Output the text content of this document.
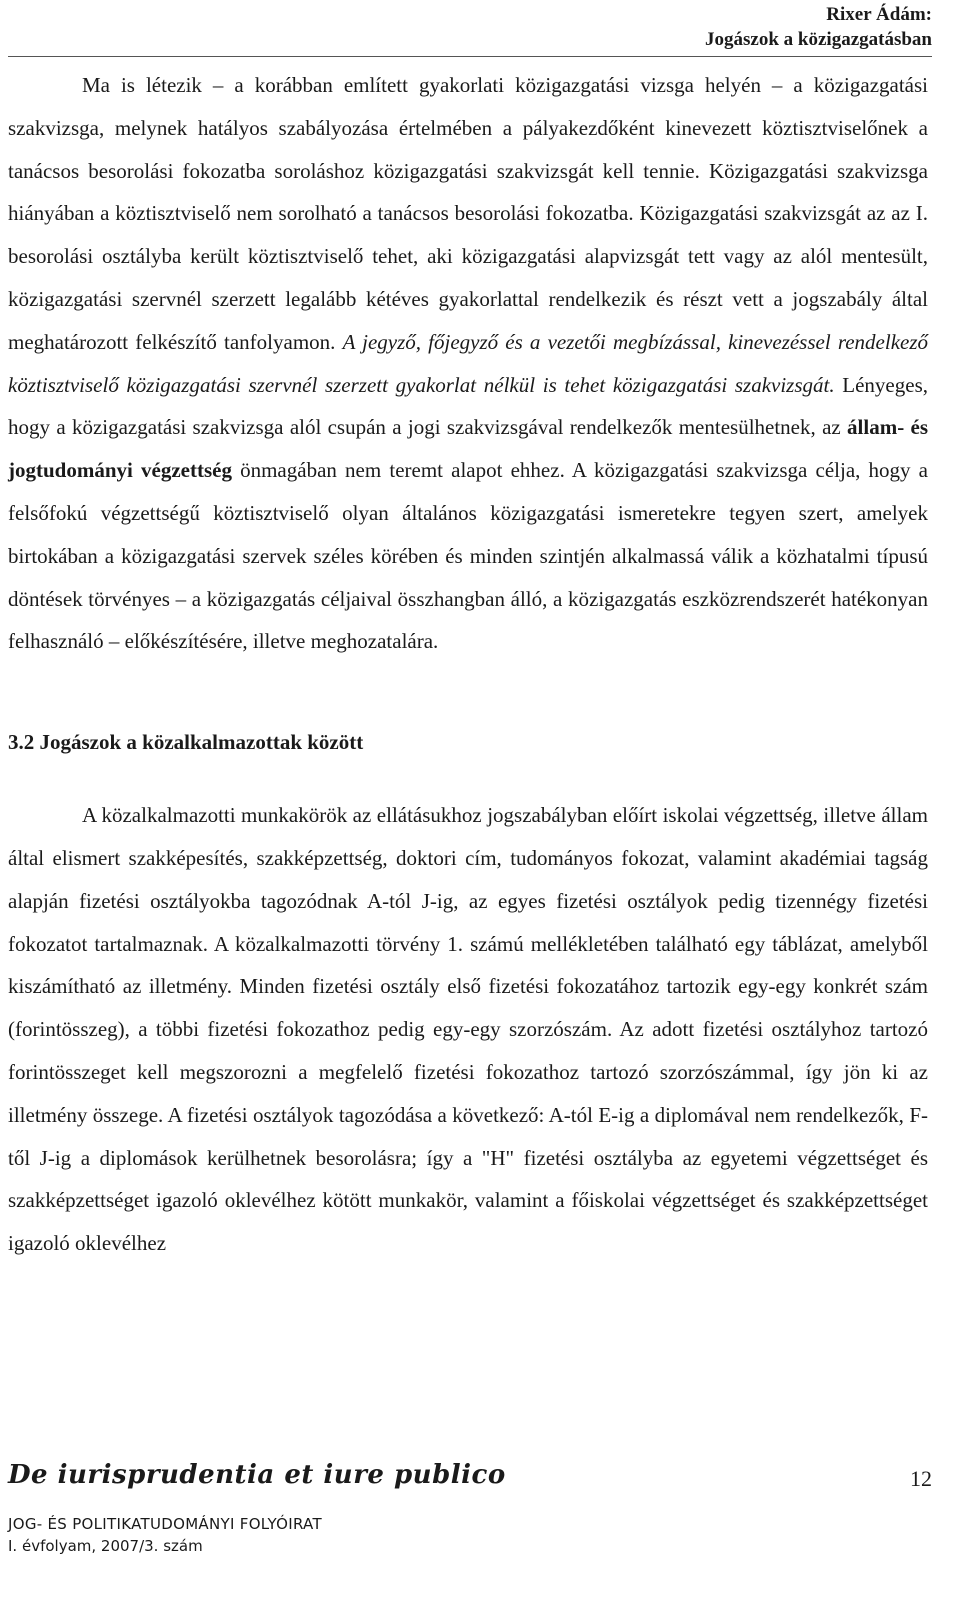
Rixer Ádám:
Jogászok a közigazgatásban

Ma is létezik – a korábban említett gyakorlati közigazgatási vizsga helyén – a közigazgatási szakvizsga, melynek hatályos szabályozása értelmében a pályakezdőként kinevezett köztisztviselőnek a tanácsos besorolási fokozatba soroláshoz közigazgatási szakvizsgát kell tennie. Közigazgatási szakvizsga hiányában a köztisztviselő nem sorolható a tanácsos besorolási fokozatba. Közigazgatási szakvizsgát az az I. besorolási osztályba került köztisztviselő tehet, aki közigazgatási alapvizsgát tett vagy az alól mentesült, közigazgatási szervnél szerzett legalább kétéves gyakorlattal rendelkezik és részt vett a jogszabály által meghatározott felkészítő tanfolyamon. A jegyző, főjegyző és a vezetői megbízással, kinevezéssel rendelkező köztisztviselő közigazgatási szervnél szerzett gyakorlat nélkül is tehet közigazgatási szakvizsgát. Lényeges, hogy a közigazgatási szakvizsga alól csupán a jogi szakvizsgával rendelkezők mentesülhetnek, az állam- és jogtudományi végzettség önmagában nem teremt alapot ehhez. A közigazgatási szakvizsga célja, hogy a felsőfokú végzettségű köztisztviselő olyan általános közigazgatási ismeretekre tegyen szert, amelyek birtokában a közigazgatási szervek széles körében és minden szintjén alkalmassá válik a közhatalmi típusú döntések törvényes – a közigazgatás céljaival összhangban álló, a közigazgatás eszközrendszerét hatékonyan felhasználó – előkészítésére, illetve meghozatalára.

3.2 Jogászok a közalkalmazottak között

A közalkalmazotti munkakörök az ellátásukhoz jogszabályban előírt iskolai végzettség, illetve állam által elismert szakképesítés, szakképzettség, doktori cím, tudományos fokozat, valamint akadémiai tagság alapján fizetési osztályokba tagozódnak A-tól J-ig, az egyes fizetési osztályok pedig tizennégy fizetési fokozatot tartalmaznak. A közalkalmazotti törvény 1. számú mellékletében található egy táblázat, amelyből kiszámítható az illetmény. Minden fizetési osztály első fizetési fokozatához tartozik egy-egy konkrét szám (forintösszeg), a többi fizetési fokozathoz pedig egy-egy szorzószám. Az adott fizetési osztályhoz tartozó forintösszeget kell megszorozni a megfelelő fizetési fokozathoz tartozó szorzószámmal, így jön ki az illetmény összege. A fizetési osztályok tagozódása a következő: A-tól E-ig a diplomával nem rendelkezők, F-től J-ig a diplomások kerülhetnek besorolásra; így a "H" fizetési osztályba az egyetemi végzettséget és szakképzettséget igazoló oklevélhez kötött munkakör, valamint a főiskolai végzettséget és szakképzettséget igazoló oklevélhez

De iurisprudentia et iure publico	12
JOG- ÉS POLITIKATUDOMÁNYI FOLYÓIRAT
I. évfolyam, 2007/3. szám
